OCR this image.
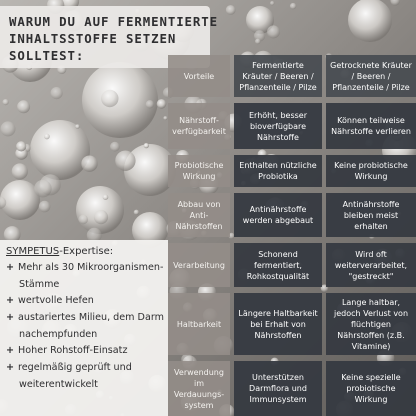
WARUM DU AUF FERMENTIERTE
INHALTSSTOFFE SETZEN
SOLLTEST:
SYMPETUS-Expertise:
+ Mehr als 30 Mikroorganismen-
Stämme
+ wertvolle Hefen
+ austariertes Milieu, dem Darm
nachempfunden
+ Hoher Rohstoff-Einsatz
+ regelmäßig geprüft und
weiterentwickelt
Vorteile
Fermentierte Kräuter / Beeren / Pflanzenteile / Pilze
Getrocknete Kräuter / Beeren / Pflanzenteile / Pilze
Nährstoff-verfügbarkeit
Erhöht, besser bioverfügbare Nährstoffe
Können teilweise Nährstoffe verlieren
Probiotische Wirkung
Enthalten nützliche Probiotika
Keine probiotische Wirkung
Abbau von Anti-Nährstoffen
Antinährstoffe werden abgebaut
Antinährstoffe bleiben meist erhalten
Verarbeitung
Schonend fermentiert, Rohkostqualität
Wird oft weiterverarbeitet, "gestreckt"
Haltbarkeit
Längere Haltbarkeit bei Erhalt von Nährstoffen
Lange haltbar, jedoch Verlust von flüchtigen Nährstoffen (z.B. Vitamine)
Verwendung im Verdauungs-system
Unterstützen Darmflora und Immunsystem
Keine spezielle probiotische Wirkung
